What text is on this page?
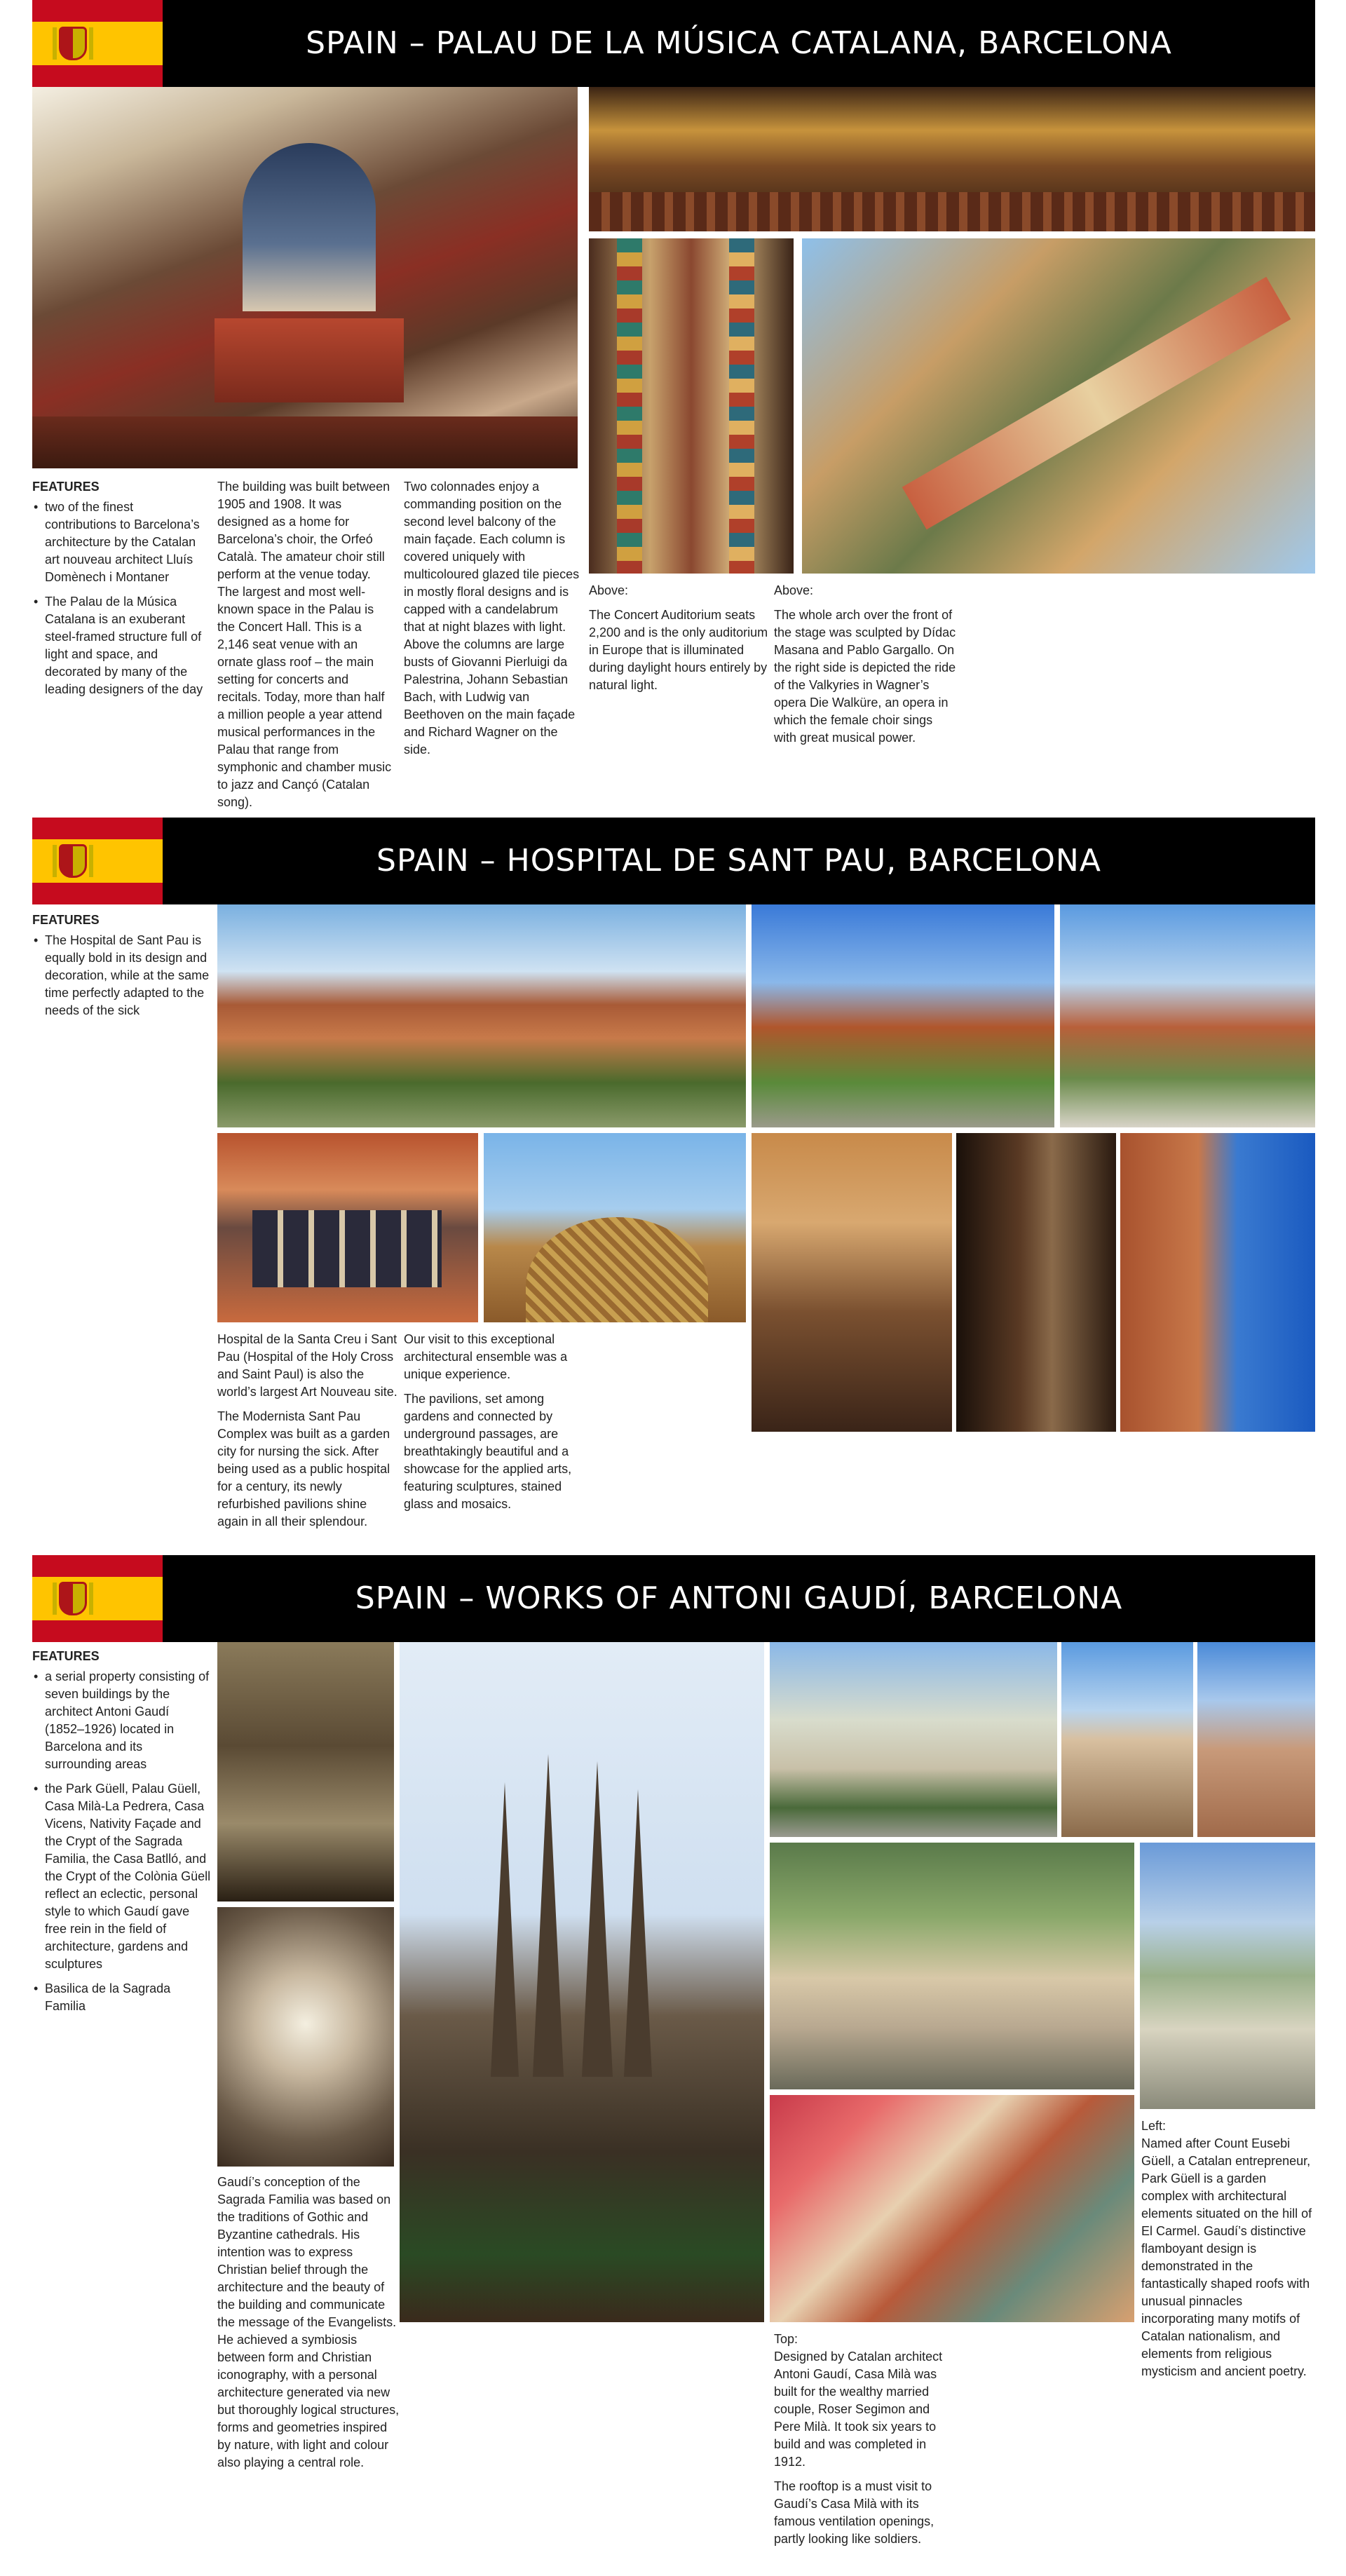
SPAIN – PALAU DE LA MÚSICA CATALANA, BARCELONA
FEATURES
• two of the finest contributions to Barcelona’s architecture by the Catalan art nouveau architect Lluís Domènech i Montaner
• The Palau de la Música Catalana is an exuberant steel-framed structure full of light and space, and decorated by many of the leading designers of the day
The building was built between 1905 and 1908. It was designed as a home for Barcelona’s choir, the Orfeó Català. The amateur choir still perform at the venue today. The largest and most well-known space in the Palau is the Concert Hall. This is a 2,146 seat venue with an ornate glass roof – the main setting for concerts and recitals. Today, more than half a million people a year attend musical performances in the Palau that range from symphonic and chamber music to jazz and Cançó (Catalan song).
Two colonnades enjoy a commanding position on the second level balcony of the main façade. Each column is covered uniquely with multicoloured glazed tile pieces in mostly floral designs and is capped with a candelabrum that at night blazes with light. Above the columns are large busts of Giovanni Pierluigi da Palestrina, Johann Sebastian Bach, with Ludwig van Beethoven on the main façade and Richard Wagner on the side.

Above:

The Concert Auditorium seats 2,200 and is the only auditorium in Europe that is illuminated during daylight hours entirely by natural light.

Above:

The whole arch over the front of the stage was sculpted by Dídac Masana and Pablo Gargallo. On the right side is depicted the ride of the Valkyries in Wagner’s opera Die Walküre, an opera in which the female choir sings with great musical power.

SPAIN – HOSPITAL DE SANT PAU, BARCELONA
FEATURES
• The Hospital de Sant Pau is equally bold in its design and decoration, while at the same time perfectly adapted to the needs of the sick

Hospital de la Santa Creu i Sant Pau (Hospital of the Holy Cross and Saint Paul) is also the world’s largest Art Nouveau site.

The Modernista Sant Pau Complex was built as a garden city for nursing the sick. After being used as a public hospital for a century, its newly refurbished pavilions shine again in all their splendour.

Our visit to this exceptional architectural ensemble was a unique experience.

The pavilions, set among gardens and connected by underground passages, are breathtakingly beautiful and a showcase for the applied arts, featuring sculptures, stained glass and mosaics.

SPAIN – WORKS OF ANTONI GAUDÍ, BARCELONA
FEATURES
• a serial property consisting of seven buildings by the architect Antoni Gaudí (1852–1926) located in Barcelona and its surrounding areas
• the Park Güell, Palau Güell, Casa Milà-La Pedrera, Casa Vicens, Nativity Façade and the Crypt of the Sagrada Familia, the Casa Batlló, and the Crypt of the Colònia Güell reflect an eclectic, personal style to which Gaudí gave free rein in the field of architecture, gardens and sculptures
• Basilica de la Sagrada Familia
Gaudí’s conception of the Sagrada Familia was based on the traditions of Gothic and Byzantine cathedrals. His intention was to express Christian belief through the architecture and the beauty of the building and communicate the message of the Evangelists. He achieved a symbiosis between form and Christian iconography, with a personal architecture generated via new but thoroughly logical structures, forms and geometries inspired by nature, with light and colour also playing a central role.

Top:

Designed by Catalan architect Antoni Gaudí, Casa Milà was built for the wealthy married couple, Roser Segimon and Pere Milà. It took six years to build and was completed in 1912.

The rooftop is a must visit to Gaudí’s Casa Milà with its famous ventilation openings, partly looking like soldiers.

Left:

Named after Count Eusebi Güell, a Catalan entrepreneur, Park Güell is a garden complex with architectural elements situated on the hill of El Carmel. Gaudí’s distinctive flamboyant design is demonstrated in the fantastically shaped roofs with unusual pinnacles incorporating many motifs of Catalan nationalism, and elements from religious mysticism and ancient poetry.
